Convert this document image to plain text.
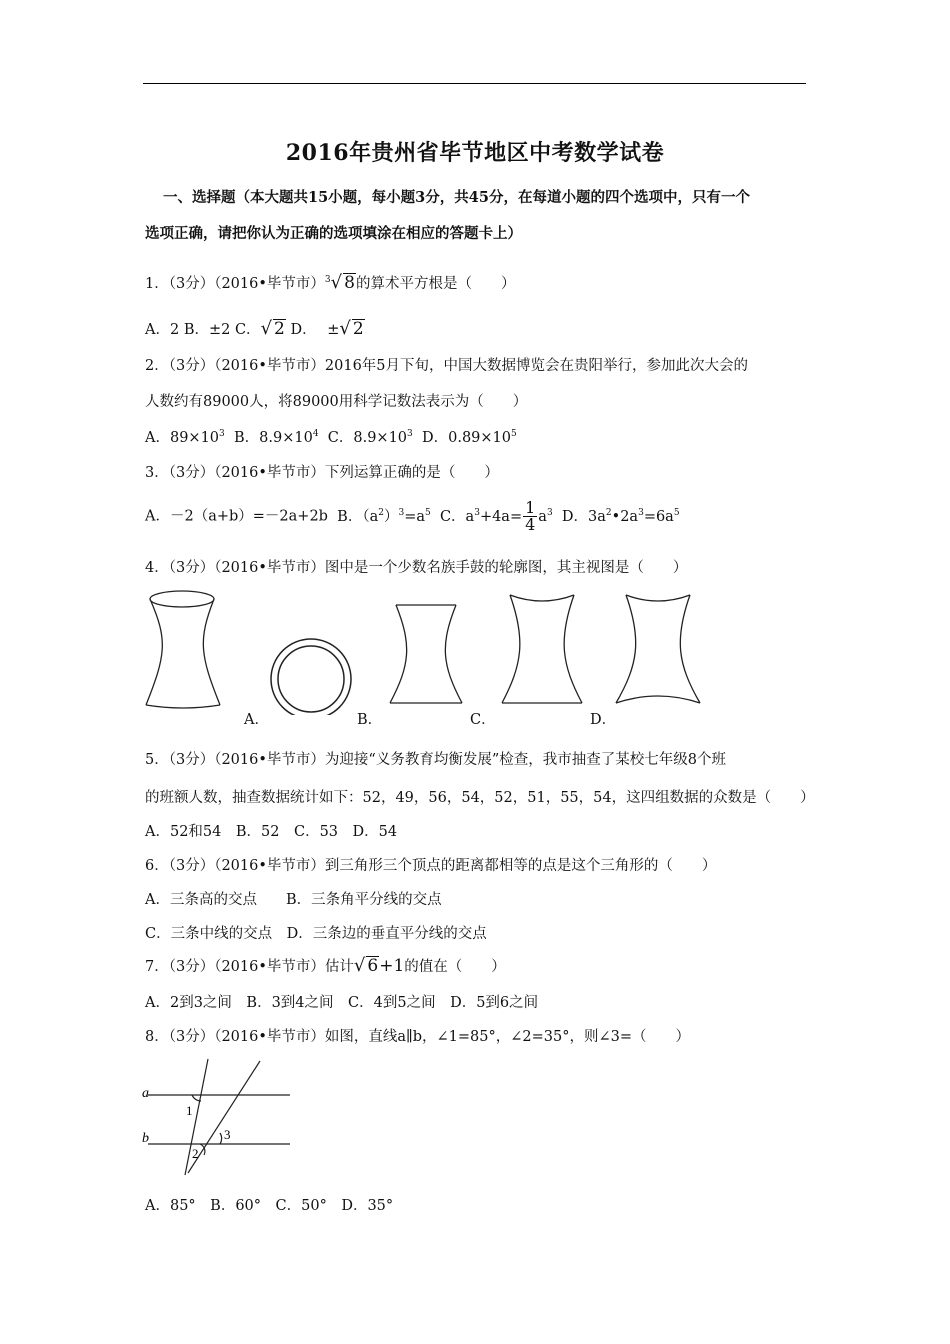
2016年贵州省毕节地区中考数学试卷
一、选择题（本大题共15小题，每小题3分，共45分，在每道小题的四个选项中，只有一个
选项正确，请把你认为正确的选项填涂在相应的答题卡上）
1．（3分）（2016•毕节市）$^3$√ 8的算术平方根是（　　）
A．2 B．±2 C．√ 2 D． ±√ 2
2．（3分）（2016•毕节市）2016年5月下旬，中国大数据博览会在贵阳举行，参加此次大会的
人数约有89000人，将89000用科学记数法表示为（　　）
A．$89\times 10^3$ B．$8.9\times 10^4$ C．$8.9\times 10^3$ D．$0.89\times 10^5$
3．（3分）（2016•毕节市）下列运算正确的是（　　）
A．－2（a+b）=－2a+2b B．$(a^2)^3=a^5$ C．$a^3+4a= \frac{1}{4} a^3$ D．$3a^2•2a^3=6a^5$
4．（3分）（2016•毕节市）图中是一个少数名族手鼓的轮廓图，其主视图是（　　）
A．	B．	C．	D．
5．（3分）（2016•毕节市）为迎接“义务教育均衡发展”检查，我市抽查了某校七年级8个班
的班额人数，抽查数据统计如下：52，49，56，54，52，51，55，54，这四组数据的众数是（　　）
A．52和54　B．52　C．53　D．54
6．（3分）（2016•毕节市）到三角形三个顶点的距离都相等的点是这个三角形的（　　）
A．三条高的交点　　B．三条角平分线的交点
C．三条中线的交点　D．三条边的垂直平分线的交点
7．（3分）（2016•毕节市）估计√ 6+1的值在（　　）
A．2到3之间　B．3到4之间　C．4到5之间　D．5到6之间
8．（3分）（2016•毕节市）如图，直线a∥b，∠1=85°，∠2=35°，则∠3=（　　）
a
b
1
2
3
A．85°　B．60°　C．50°　D．35°
